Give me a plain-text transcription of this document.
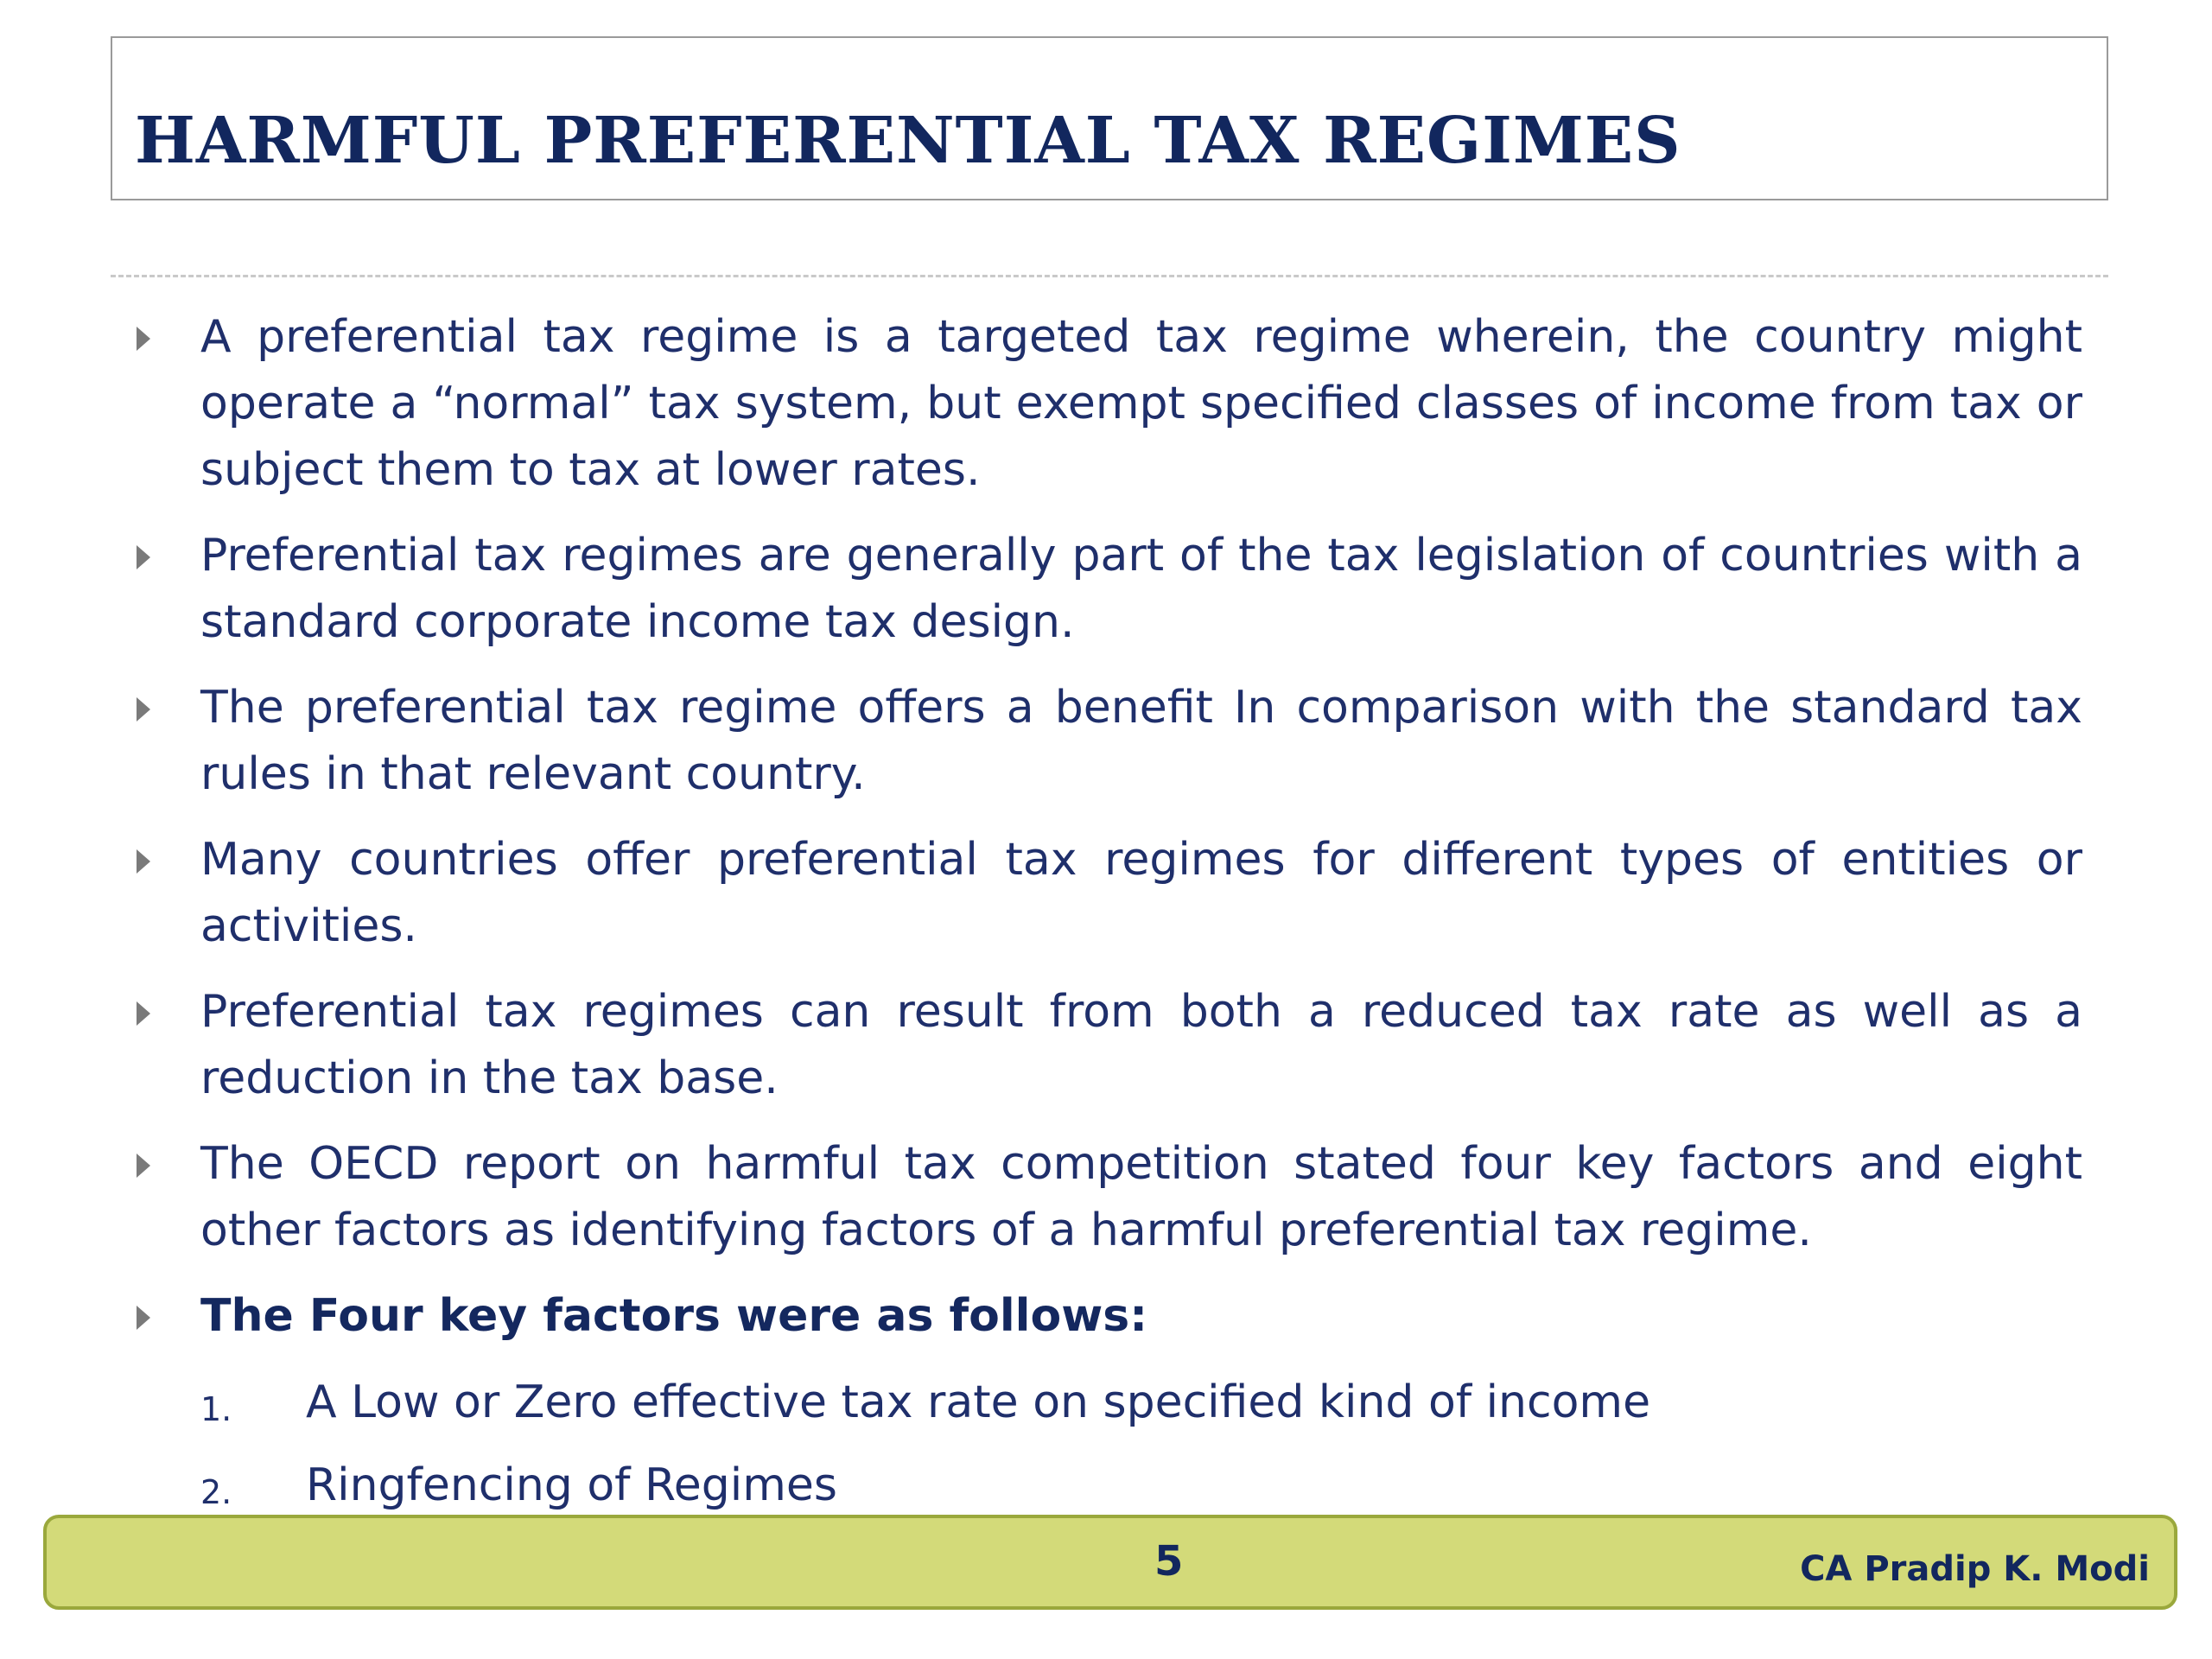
HARMFUL PREFERENTIAL TAX REGIMES
A preferential tax regime is a targeted tax regime wherein, the country might operate a “normal” tax system, but exempt specified classes of income from tax or subject them to tax at lower rates.
Preferential tax regimes are generally part of the tax legislation of countries with a standard corporate income tax design.
The preferential tax regime offers a benefit In comparison with the standard tax rules in that relevant country.
Many countries offer preferential tax regimes for different types of entities or activities.
Preferential tax regimes can result from both a reduced tax rate as well as a reduction in the tax base.
The OECD report on harmful tax competition stated four key factors and eight other factors as identifying factors of a harmful preferential tax regime.
The Four key factors were as follows:
1. A Low or Zero effective tax rate on specified kind of income
2. Ringfencing of Regimes
5	CA Pradip K. Modi
